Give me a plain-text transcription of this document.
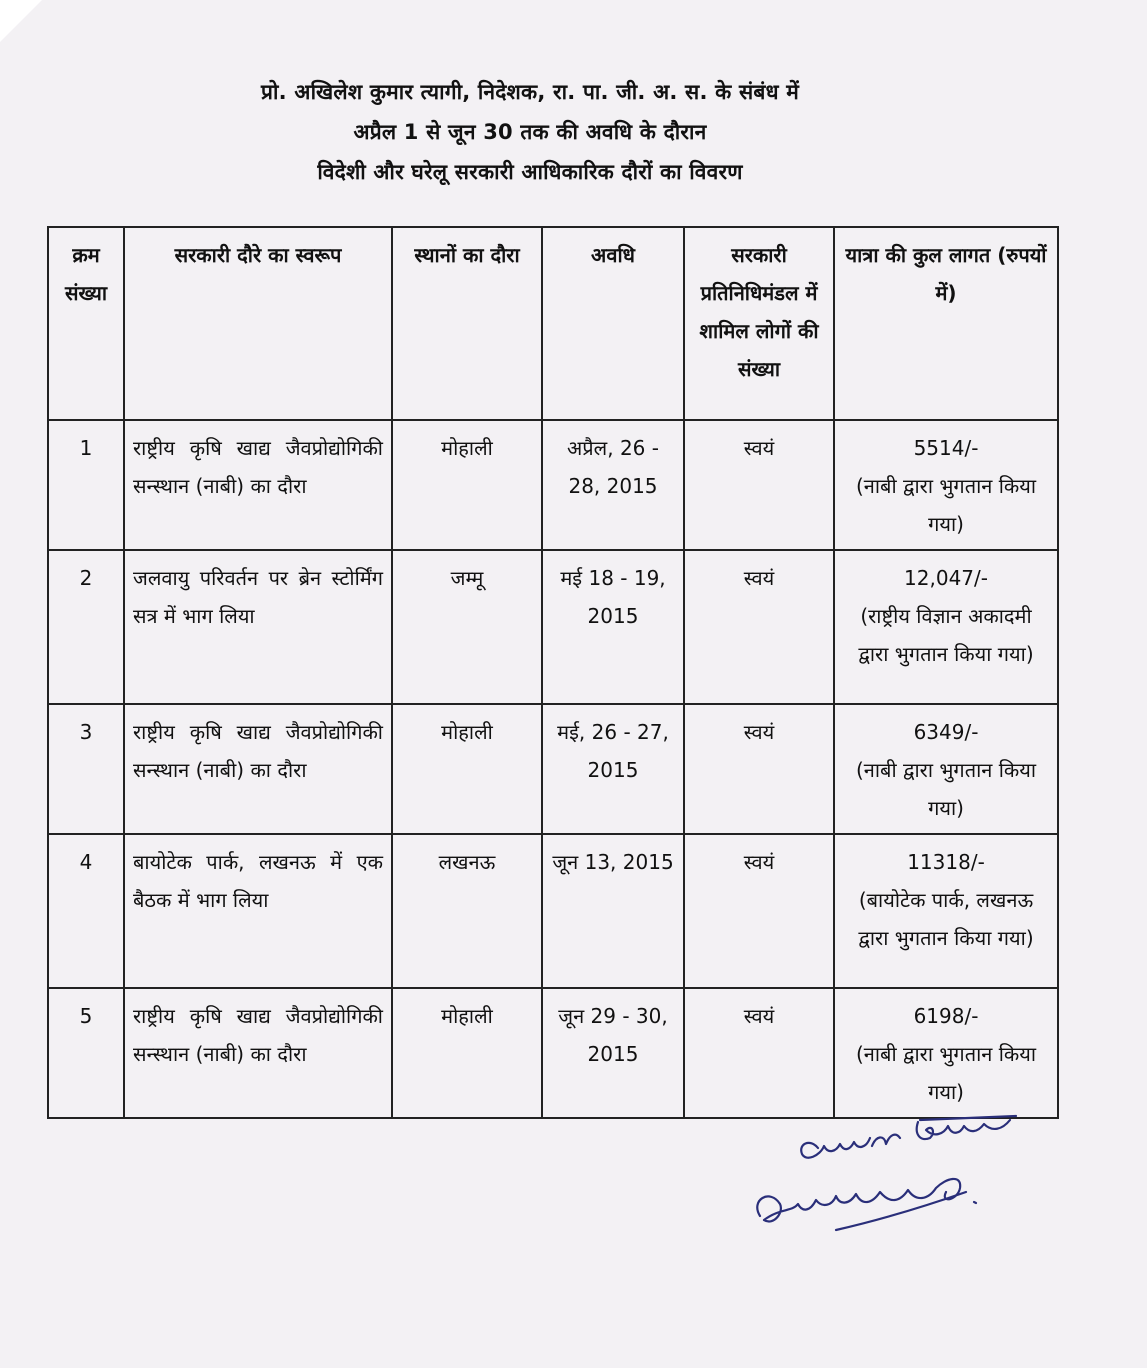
प्रो. अखिलेश कुमार त्यागी, निदेशक, रा. पा. जी. अ. स. के संबंध में
अप्रैल 1 से जून 30 तक की अवधि के दौरान
विदेशी और घरेलू सरकारी आधिकारिक दौरों का विवरण
क्रम संख्या	सरकारी दौरे का स्वरूप	स्थानों का दौरा	अवधि	सरकारी प्रतिनिधिमंडल में शामिल लोगों की संख्या	यात्रा की कुल लागत (रुपयों में)
1	राष्ट्रीय कृषि खाद्य जैवप्रोद्योगिकी सन्स्थान (नाबी) का दौरा	मोहाली	अप्रैल, 26 - 28, 2015	स्वयं	5514/-
(नाबी द्वारा भुगतान किया गया)

2	जलवायु परिवर्तन पर ब्रेन स्टोर्मिंग सत्र में भाग लिया	जम्मू	मई 18 - 19, 2015	स्वयं	12,047/-
(राष्ट्रीय विज्ञान अकादमी द्वारा भुगतान किया गया)

3	राष्ट्रीय कृषि खाद्य जैवप्रोद्योगिकी सन्स्थान (नाबी) का दौरा	मोहाली	मई, 26 - 27, 2015	स्वयं	6349/-
(नाबी द्वारा भुगतान किया गया)

4	बायोटेक पार्क, लखनऊ में एक बैठक में भाग लिया	लखनऊ	जून 13, 2015	स्वयं	11318/-
(बायोटेक पार्क, लखनऊ द्वारा भुगतान किया गया)

5	राष्ट्रीय कृषि खाद्य जैवप्रोद्योगिकी सन्स्थान (नाबी) का दौरा	मोहाली	जून 29 - 30, 2015	स्वयं	6198/-
(नाबी द्वारा भुगतान किया गया)
